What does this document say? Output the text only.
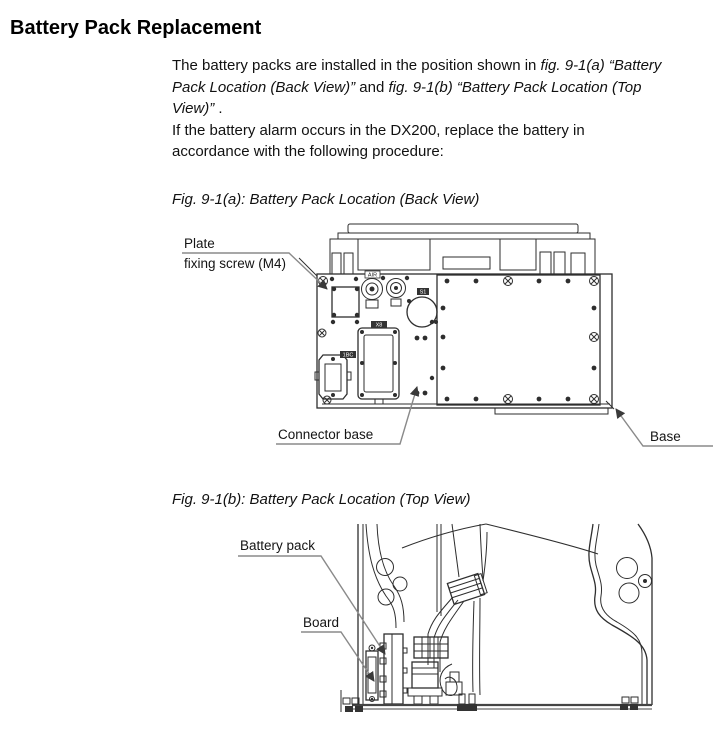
Battery Pack Replacement
The battery packs are installed in the position shown in fig. 9-1(a) “Battery
Pack Location (Back View)” and fig. 9-1(b) “Battery Pack Location (Top
View)” .
If the battery alarm occurs in the DX200, replace the battery in
accordance with the following procedure:
Fig. 9-1(a): Battery Pack Location (Back View)
Fig. 9-1(b): Battery Pack Location (Top View)
AIR
S1
X8
1BC
Plate
fixing screw (M4)
Connector base	Base
Battery pack
Board
